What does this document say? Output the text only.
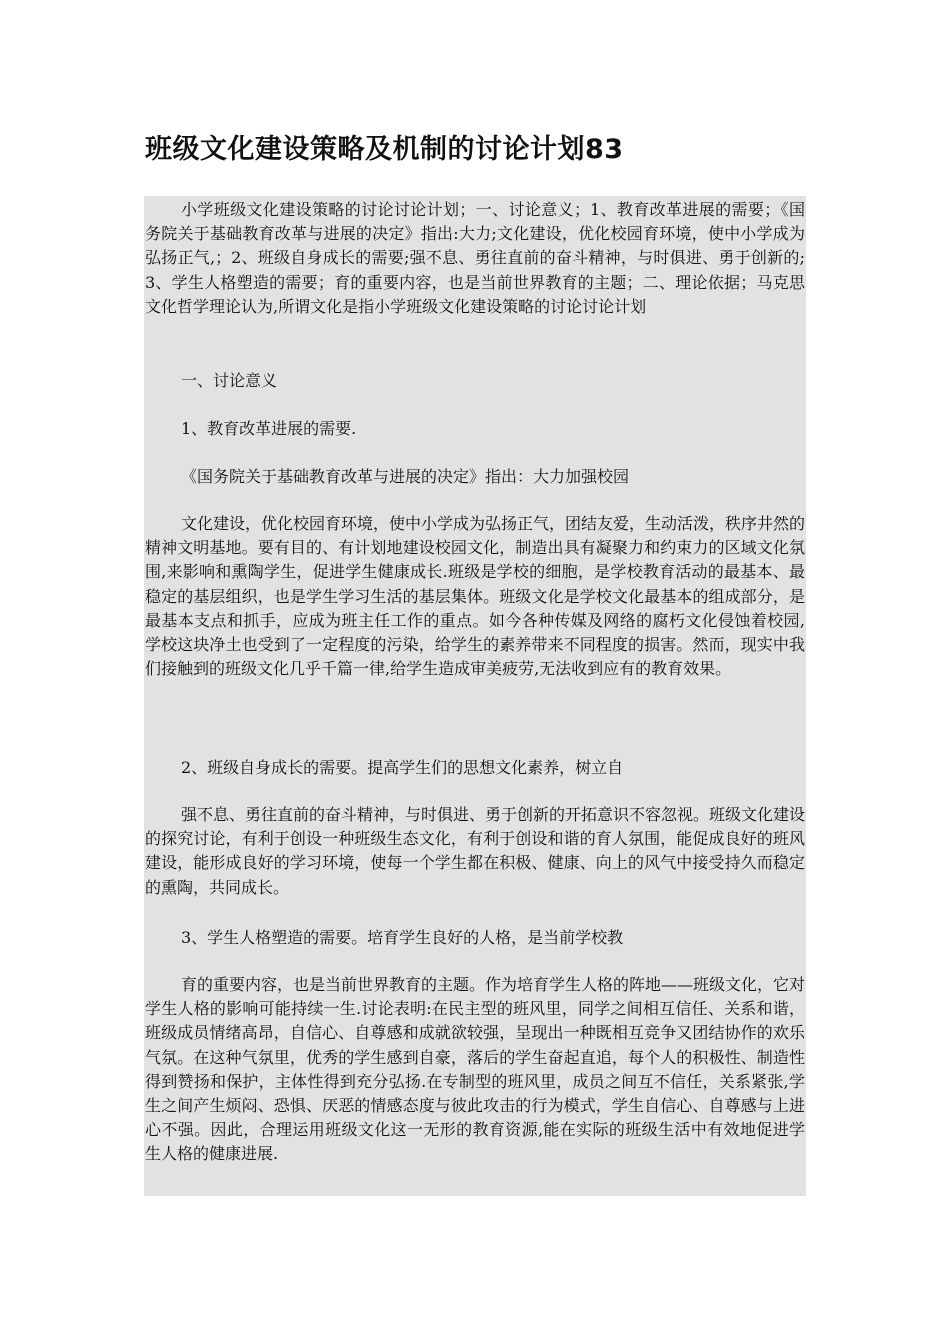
班级文化建设策略及机制的讨论计划83

小学班级文化建设策略的讨论讨论计划；一、讨论意义；1、教育改革进展的需要；《国务院关于基础教育改革与进展的决定》指出:大力;文化建设，优化校园育环境，使中小学成为弘扬正气,；2、班级自身成长的需要;强不息、勇往直前的奋斗精神，与时俱进、勇于创新的;3、学生人格塑造的需要；育的重要内容，也是当前世界教育的主题；二、理论依据；马克思文化哲学理论认为,所谓文化是指小学班级文化建设策略的讨论讨论计划

一、讨论意义

1、教育改革进展的需要.

《国务院关于基础教育改革与进展的决定》指出：大力加强校园

文化建设，优化校园育环境，使中小学成为弘扬正气，团结友爱，生动活泼，秩序井然的精神文明基地。要有目的、有计划地建设校园文化，制造出具有凝聚力和约束力的区域文化氛围,来影响和熏陶学生，促进学生健康成长.班级是学校的细胞，是学校教育活动的最基本、最稳定的基层组织，也是学生学习生活的基层集体。班级文化是学校文化最基本的组成部分，是最基本支点和抓手，应成为班主任工作的重点。如今各种传媒及网络的腐朽文化侵蚀着校园,学校这块净土也受到了一定程度的污染，给学生的素养带来不同程度的损害。然而，现实中我们接触到的班级文化几乎千篇一律,给学生造成审美疲劳,无法收到应有的教育效果。

2、班级自身成长的需要。提高学生们的思想文化素养，树立自

强不息、勇往直前的奋斗精神，与时俱进、勇于创新的开拓意识不容忽视。班级文化建设的探究讨论，有利于创设一种班级生态文化，有利于创设和谐的育人氛围，能促成良好的班风建设，能形成良好的学习环境，使每一个学生都在积极、健康、向上的风气中接受持久而稳定的熏陶，共同成长。

3、学生人格塑造的需要。培育学生良好的人格，是当前学校教

育的重要内容，也是当前世界教育的主题。作为培育学生人格的阵地——班级文化，它对学生人格的影响可能持续一生.讨论表明:在民主型的班风里，同学之间相互信任、关系和谐，班级成员情绪高昂，自信心、自尊感和成就欲较强，呈现出一种既相互竞争又团结协作的欢乐气氛。在这种气氛里，优秀的学生感到自豪，落后的学生奋起直追，每个人的积极性、制造性得到赞扬和保护，主体性得到充分弘扬.在专制型的班风里，成员之间互不信任，关系紧张,学生之间产生烦闷、恐惧、厌恶的情感态度与彼此攻击的行为模式，学生自信心、自尊感与上进心不强。因此，合理运用班级文化这一无形的教育资源,能在实际的班级生活中有效地促进学生人格的健康进展.
